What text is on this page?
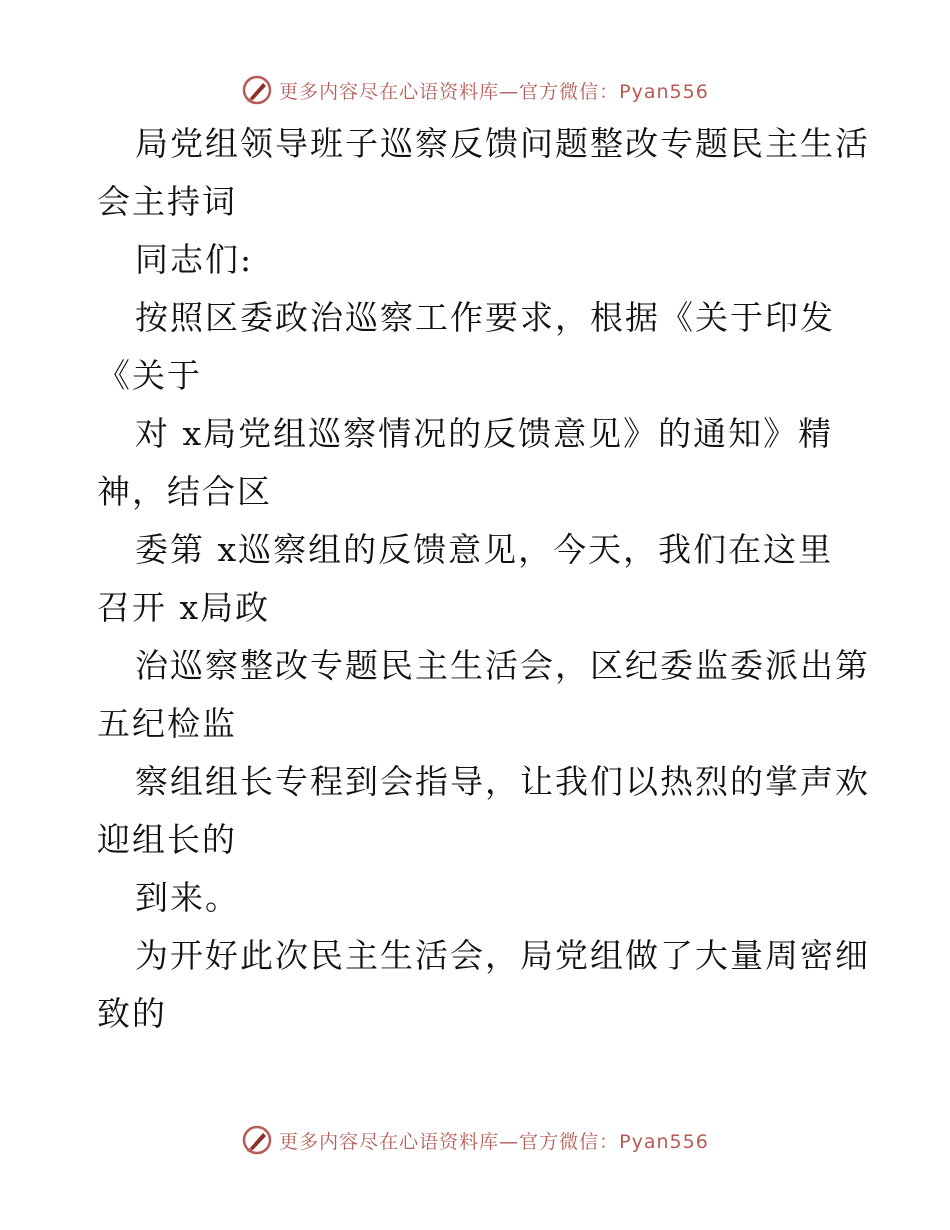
更多内容尽在心语资料库—官方微信：Pyan556
局党组领导班子巡察反馈问题整改专题民主生活
会主持词
同志们:
按照区委政治巡察工作要求，根据《关于印发
《关于
对 x局党组巡察情况的反馈意见》的通知》精
神，结合区
委第 x巡察组的反馈意见，今天，我们在这里
召开 x局政
治巡察整改专题民主生活会，区纪委监委派出第
五纪检监
察组组长专程到会指导，让我们以热烈的掌声欢
迎组长的
到来。
为开好此次民主生活会，局党组做了大量周密细
致的
更多内容尽在心语资料库—官方微信：Pyan556
